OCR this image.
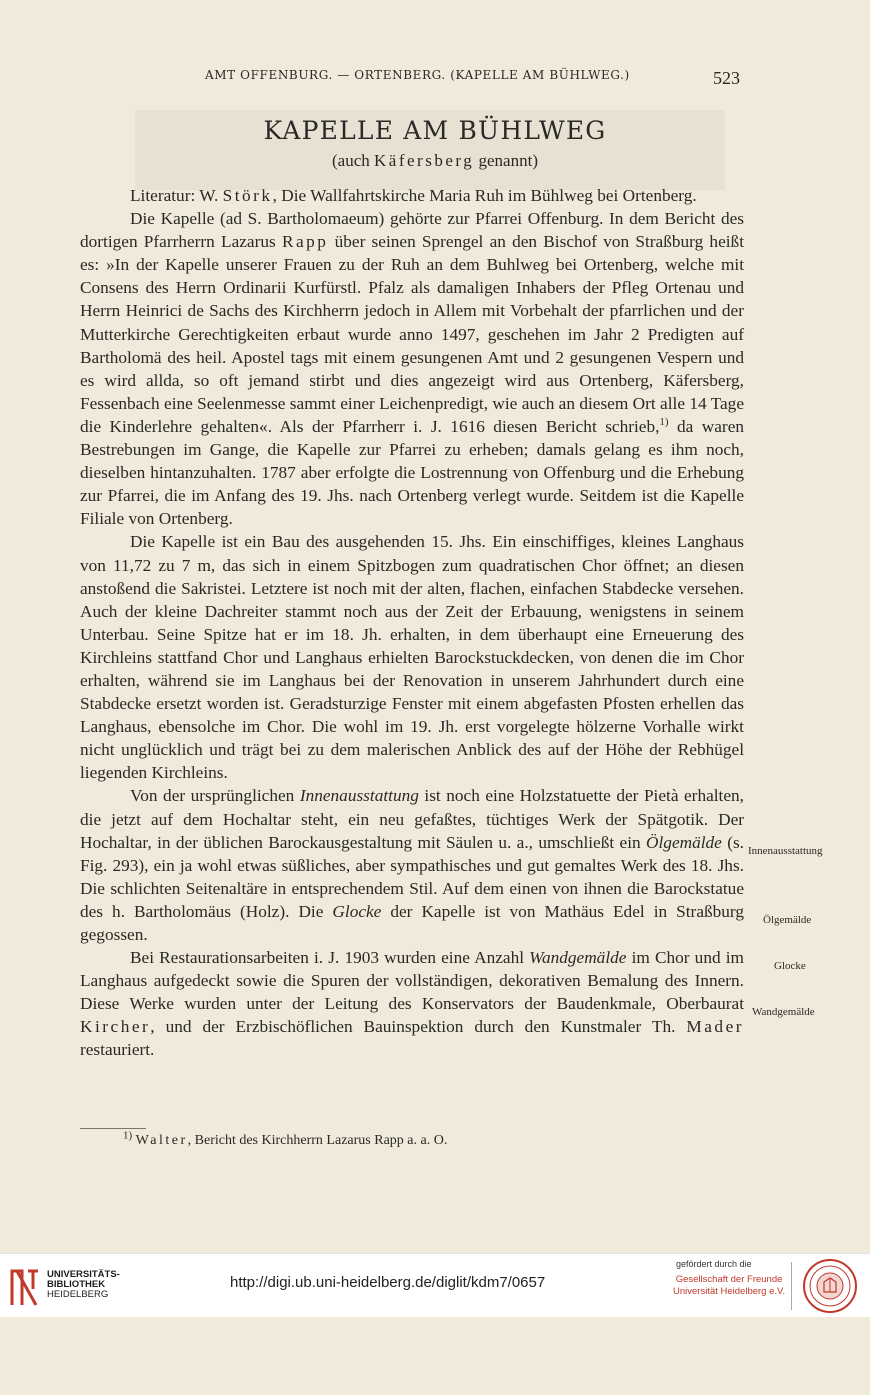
AMT OFFENBURG. — ORTENBERG. (KAPELLE AM BÜHLWEG.)	523
KAPELLE AM BÜHLWEG
(auch Käfersberg genannt)

Literatur: W. Störk, Die Wallfahrtskirche Maria Ruh im Bühlweg bei Ortenberg.

Die Kapelle (ad S. Bartholomaeum) gehörte zur Pfarrei Offenburg. In dem Bericht des dortigen Pfarrherrn Lazarus Rapp über seinen Sprengel an den Bischof von Straßburg heißt es: »In der Kapelle unserer Frauen zu der Ruh an dem Buhlweg bei Ortenberg, welche mit Consens des Herrn Ordinarii Kurfürstl. Pfalz als damaligen Inhabers der Pfleg Ortenau und Herrn Heinrici de Sachs des Kirchherrn jedoch in Allem mit Vorbehalt der pfarrlichen und der Mutterkirche Gerechtigkeiten erbaut wurde anno 1497, geschehen im Jahr 2 Predigten auf Bartholomä des heil. Apostel tags mit einem gesungenen Amt und 2 gesungenen Vespern und es wird allda, so oft jemand stirbt und dies angezeigt wird aus Ortenberg, Käfersberg, Fessenbach eine Seelenmesse sammt einer Leichenpredigt, wie auch an diesem Ort alle 14 Tage die Kinderlehre gehalten«. Als der Pfarrherr i. J. 1616 diesen Bericht schrieb,$^{1)}$ da waren Bestrebungen im Gange, die Kapelle zur Pfarrei zu erheben; damals gelang es ihm noch, dieselben hintanzuhalten. 1787 aber erfolgte die Lostrennung von Offenburg und die Erhebung zur Pfarrei, die im Anfang des 19. Jhs. nach Ortenberg verlegt wurde. Seitdem ist die Kapelle Filiale von Ortenberg.

Die Kapelle ist ein Bau des ausgehenden 15. Jhs. Ein einschiffiges, kleines Langhaus von 11,72 zu 7 m, das sich in einem Spitzbogen zum quadratischen Chor öffnet; an diesen anstoßend die Sakristei. Letztere ist noch mit der alten, flachen, einfachen Stabdecke versehen. Auch der kleine Dachreiter stammt noch aus der Zeit der Erbauung, wenigstens in seinem Unterbau. Seine Spitze hat er im 18. Jh. erhalten, in dem überhaupt eine Erneuerung des Kirchleins stattfand Chor und Langhaus erhielten Barockstuckdecken, von denen die im Chor erhalten, während sie im Langhaus bei der Renovation in unserem Jahrhundert durch eine Stabdecke ersetzt worden ist. Geradsturzige Fenster mit einem abgefasten Pfosten erhellen das Langhaus, ebensolche im Chor. Die wohl im 19. Jh. erst vorgelegte hölzerne Vorhalle wirkt nicht unglücklich und trägt bei zu dem malerischen Anblick des auf der Höhe der Rebhügel liegenden Kirchleins.

Von der ursprünglichen Innenausstattung ist noch eine Holzstatuette der Pietà erhalten, die jetzt auf dem Hochaltar steht, ein neu gefaßtes, tüchtiges Werk der Spätgotik. Der Hochaltar, in der üblichen Barockausgestaltung mit Säulen u. a., umschließt ein Ölgemälde (s. Fig. 293), ein ja wohl etwas süßliches, aber sympathisches und gut gemaltes Werk des 18. Jhs. Die schlichten Seitenaltäre in entsprechendem Stil. Auf dem einen von ihnen die Barockstatue des h. Bartholomäus (Holz). Die Glocke der Kapelle ist von Mathäus Edel in Straßburg gegossen.

Bei Restaurationsarbeiten i. J. 1903 wurden eine Anzahl Wandgemälde im Chor und im Langhaus aufgedeckt sowie die Spuren der vollständigen, dekorativen Bemalung des Innern. Diese Werke wurden unter der Leitung des Konservators der Baudenkmale, Oberbaurat Kircher, und der Erzbischöflichen Bauinspektion durch den Kunstmaler Th. Mader restauriert.

Innenausstattung
Ölgemälde
Glocke
Wandgemälde
$^{1)}$ Walter, Bericht des Kirchherrn Lazarus Rapp a. a. O.
UNIVERSITÄTS-
BIBLIOTHEK
HEIDELBERG
http://digi.ub.uni-heidelberg.de/diglit/kdm7/0657
gefördert durch die
Gesellschaft der Freunde
Universität Heidelberg e.V.
